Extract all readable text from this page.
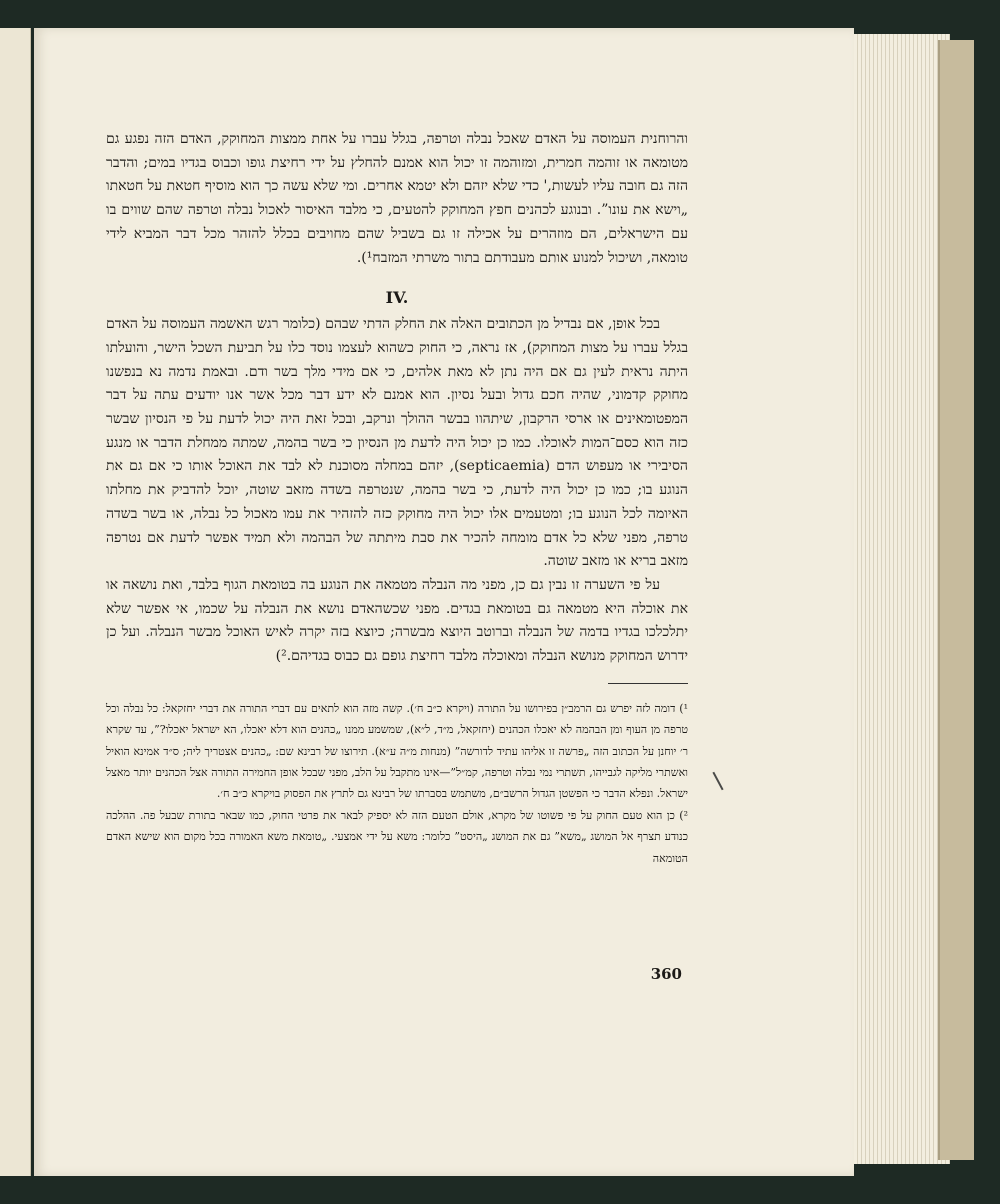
והרוחנית העמוסה על האדם שאכל נבלה וטרפה, בגלל עברו על אחת ממצות המחוקק, האדם הזה נפגע גם מטומאה או זוהמה חמרית, ומזוהמה זו יכול הוא אמנם להחלץ על ידי רחיצת גופו וכבוס בגדיו במים; והדבר הזה גם חובה עליו לעשות,' כדי שלא יזהם ולא יטמא אחרים. ומי שלא עשה כך הוא מוסיף חטאת על חטאתו „וישא את עונו”. ובנוגע לכהנים חפץ המחוקק להטעים, כי מלבד האיסור לאכול נבלה וטרפה שהם שווים בו עם הישראלים, הם מוזהרים על אכילה זו גם בשביל שהם מחויבים בכלל להזהר מכל דבר המביא לידי טומאה, ושיכול למנוע אותם מעבודתם בתור משרתי המזבח¹).

IV.

בכל אופן, אם נבדיל מן הכתובים האלה את החלק הדתי שבהם (כלומר רגש האשמה העמוסה על האדם בגלל עברו על מצות המחוקק), אז נראה, כי החוק כשהוא לעצמו נוסד כלו על תביעת השכל הישר, והועלתו היתה נראית לעין גם אם היה נתן לא מאת אלהים, כי אם מידי מלך בשר ודם. ובאמת נדמה נא בנפשנו מחוקק קדמוני, שהיה חכם גדול ובעל נסיון. הוא אמנם לא ידע דבר מכל אשר אנו יודעים עתה על דבר המפטומאינים או ארסי הרקבון, שיתהוו בבשר ההולך ונרקב, ובכל זאת היה יכול לדעת על פי הנסיון שבשר כזה הוא כסם־המות לאוכלו. כמו כן יכול היה לדעת מן הנסיון כי בשר בהמה, שמתה ממחלת הדבר או מנגע הסיבירי או מעפוש הדם (septicaemia), יזהם במחלה מסוכנת לא לבד את האוכל אותו כי אם גם את הנוגע בו; כמו כן יכול היה לדעת, כי בשר בהמה, שנטרפה בשדה מזאב שוטה, יוכל להדביק את מחלתו האיומה לכל הנוגע בו; ומטעמים אלו יכול היה מחוקק כזה להזהיר את עמו מאכול כל נבלה, או בשר בשדה טרפה, מפני שלא כל אדם מומחה להכיר את סבת מיתתה של הבהמה ולא תמיד אפשר לדעת אם נטרפה מזאב בריא או מזאב שוטה.

על פי השערה זו נבין גם כן, מפני מה הנבלה מטמאה את הנוגע בה בטומאת הגוף בלבד, ואת נושאה או את אוכלה היא מטמאה גם בטומאת בגדים. מפני שכשהאדם נושא את הנבלה על שכמו, אי אפשר שלא יתלכלכו בגדיו בדמה של הנבלה וברוטב היוצא מבשרה; כיוצא בזה יקרה לאיש האוכל מבשר הנבלה. ועל כן ידרוש המחוקק מנושא הנבלה ומאוכלה מלבד רחיצת גופם גם כבוס בגדיהם.²)

¹) דומה לזה יפרש גם הרמב״ן בפירושו על התורה (ויקרא כ״ב ח׳). קשה מזה הוא לתאים עם דברי התורה את דברי יחזקאל: כל נבלה וכל טרפה מן העוף ומן הבהמה לא יאכלו הכהנים (יחזקאל, מ״ד, ל״א), שמשמע ממנו „כהנים הוא דלא יאכלו, הא ישראל יאכלו?”, עד שקרא ר׳ יוחנן על הכתוב הזה „פרשה זו אליהו עתיד לדורשה” (מנחות מ״ה ע״א). תירוצו של רבינא שם: „כהנים אצטריך ליה; ס״ד אמינא הואיל ואשתרי מליקה לגבייהו, תשתרי נמי נבלה וטרפה, קמ״ל”—אינו מתקבל על הלב, מפני שבכל אופן החמירה התורה אצל הכהנים יותר מאצל ישראל. ונפלא הדבר כי הפשטן הגדול הרשב״ם, משתמש בסברתו של רבינא גם לתרץ את הפסוק בויקרא כ״ב ח׳.

²) כן הוא טעם החוק על פי פשוטו של מקרא, אולם הטעם הזה לא יספיק לבאר את פרטי החוק, כמו שבאר בתורת שבעל פה. ההלכה כנודע תצרף אל המושג „משא” גם את המושג „היסט” כלומר: משא על ידי אמצעי. „טומאת משא האמורה בכל מקום הוא שישא האדם הטומאה

360
